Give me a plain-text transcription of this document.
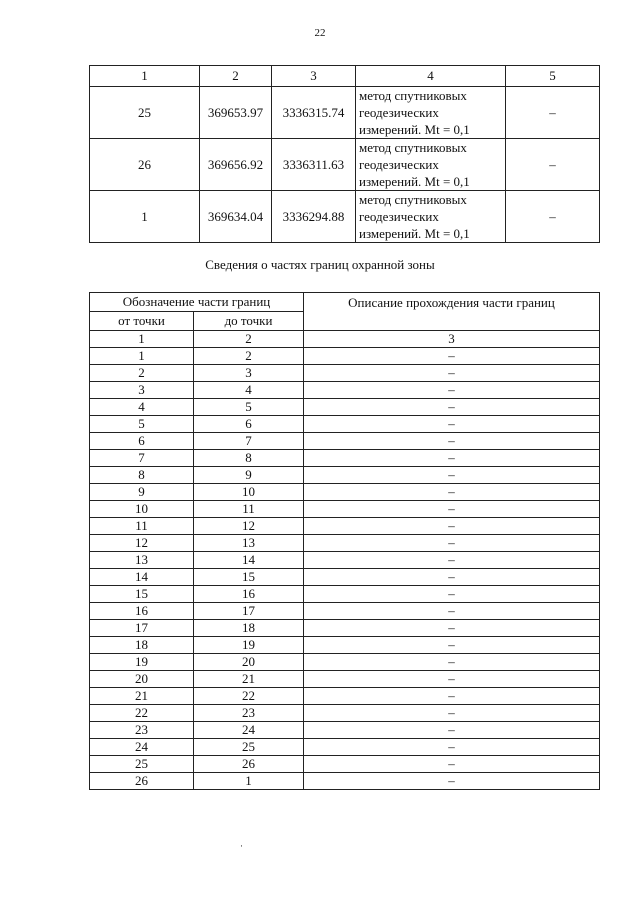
22
1	2	3	4	5
25	369653.97	3336315.74	метод спутниковых
геодезических
измерений. Mt = 0,1	–
26	369656.92	3336311.63	метод спутниковых
геодезических
измерений. Mt = 0,1	–
1	369634.04	3336294.88	метод спутниковых
геодезических
измерений. Mt = 0,1	–
Сведения о частях границ охранной зоны
Обозначение части границ		Описание прохождения части границ
от точки	до точки	
1	2	3
1	2	–
2	3	–
3	4	–
4	5	–
5	6	–
6	7	–
7	8	–
8	9	–
9	10	–
10	11	–
11	12	–
12	13	–
13	14	–
14	15	–
15	16	–
16	17	–
17	18	–
18	19	–
19	20	–
20	21	–
21	22	–
22	23	–
23	24	–
24	25	–
25	26	–
26	1	–
·
